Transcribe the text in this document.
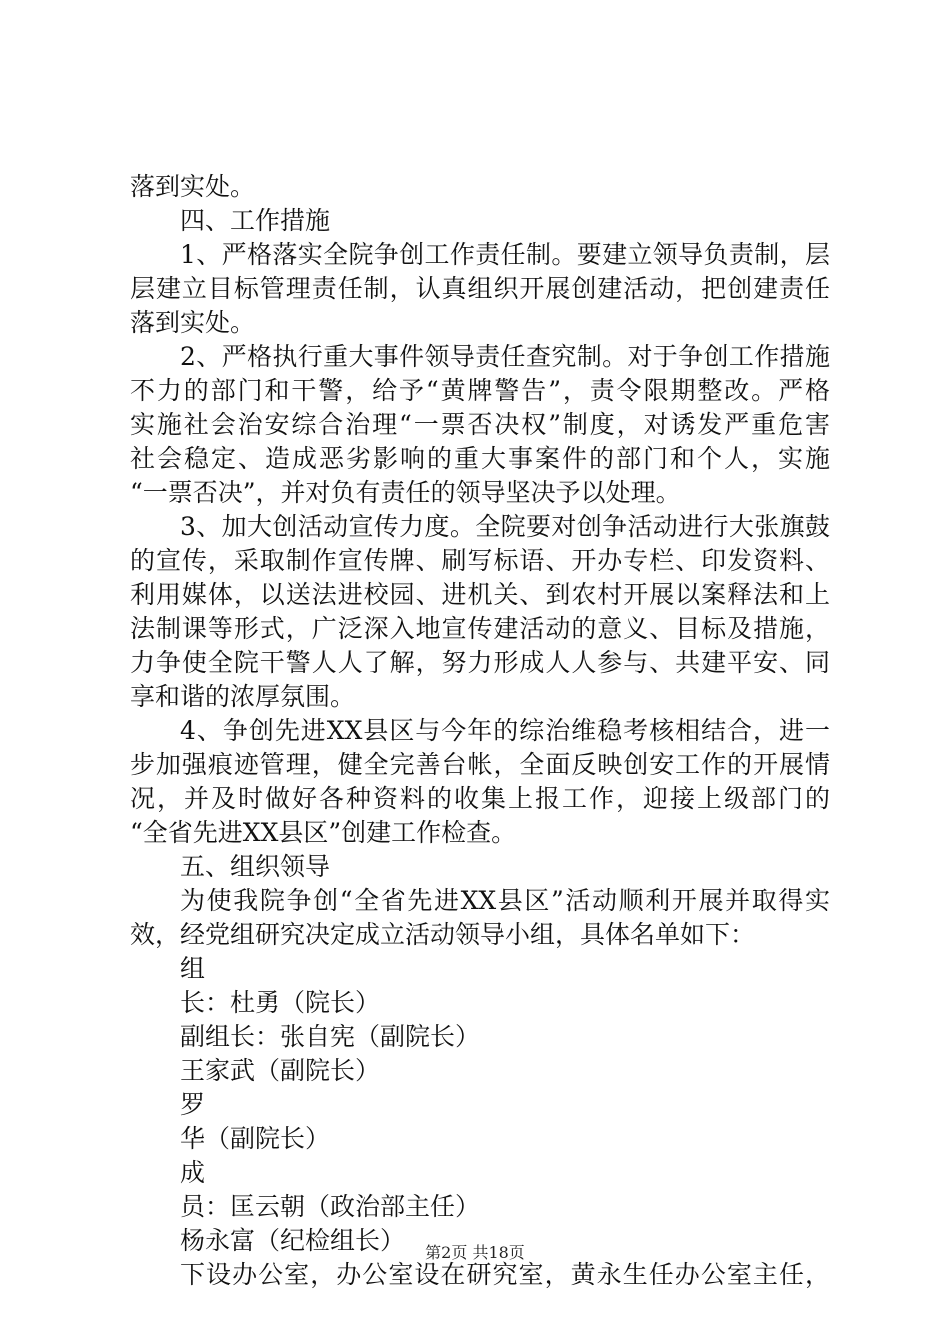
落到实处。
四、工作措施
1、严格落实全院争创工作责任制。要建立领导负责制，层
层建立目标管理责任制，认真组织开展创建活动，把创建责任
落到实处。
2、严格执行重大事件领导责任查究制。对于争创工作措施
不力的部门和干警，给予“黄牌警告”，责令限期整改。严格
实施社会治安综合治理“一票否决权”制度，对诱发严重危害
社会稳定、造成恶劣影响的重大事案件的部门和个人，实施
“一票否决”，并对负有责任的领导坚决予以处理。
3、加大创活动宣传力度。全院要对创争活动进行大张旗鼓
的宣传，采取制作宣传牌、刷写标语、开办专栏、印发资料、
利用媒体，以送法进校园、进机关、到农村开展以案释法和上
法制课等形式，广泛深入地宣传建活动的意义、目标及措施，
力争使全院干警人人了解，努力形成人人参与、共建平安、同
享和谐的浓厚氛围。
4、争创先进XX县区与今年的综治维稳考核相结合，进一
步加强痕迹管理，健全完善台帐，全面反映创安工作的开展情
况，并及时做好各种资料的收集上报工作，迎接上级部门的
“全省先进XX县区”创建工作检查。
五、组织领导
为使我院争创“全省先进XX县区”活动顺利开展并取得实
效，经党组研究决定成立活动领导小组，具体名单如下：
组
长：杜勇（院长）
副组长：张自宪（副院长）
王家武（副院长）
罗
华（副院长）
成
员：匡云朝（政治部主任）
杨永富（纪检组长）
下设办公室，办公室设在研究室，黄永生任办公室主任，
第2页 共18页
